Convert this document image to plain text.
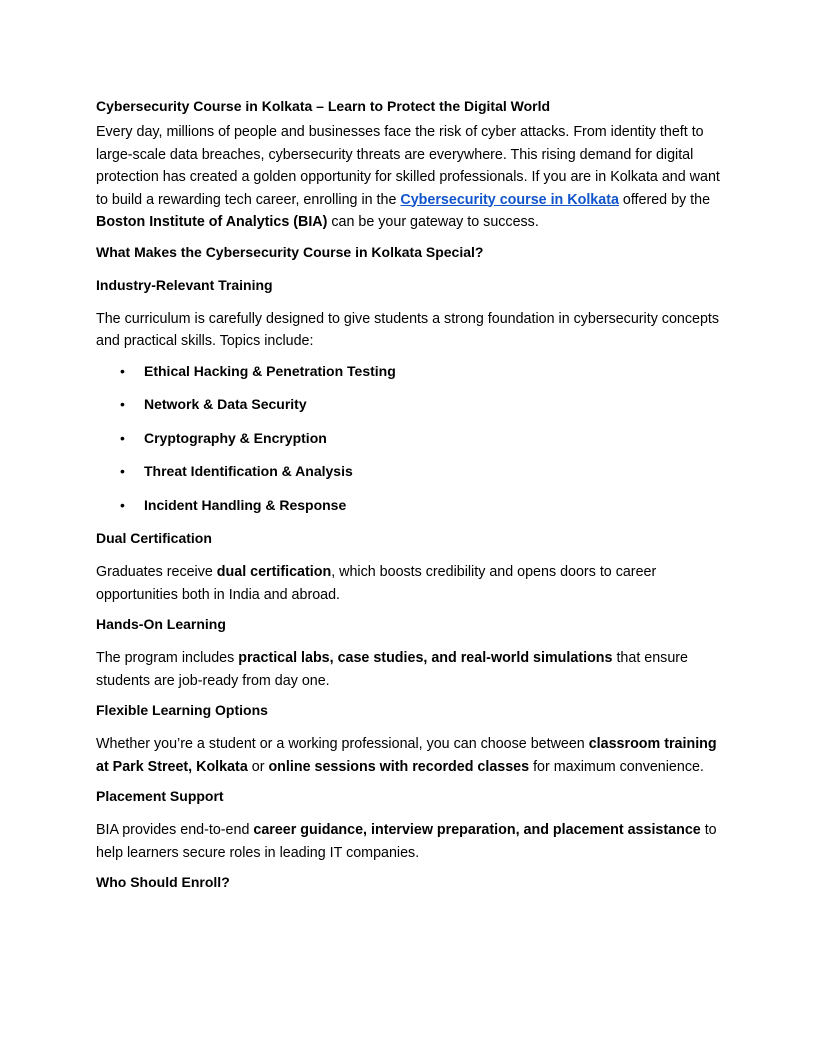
Cybersecurity Course in Kolkata – Learn to Protect the Digital World

Every day, millions of people and businesses face the risk of cyber attacks. From identity theft to large-scale data breaches, cybersecurity threats are everywhere. This rising demand for digital protection has created a golden opportunity for skilled professionals. If you are in Kolkata and want to build a rewarding tech career, enrolling in the Cybersecurity course in Kolkata offered by the Boston Institute of Analytics (BIA) can be your gateway to success.

What Makes the Cybersecurity Course in Kolkata Special?
Industry-Relevant Training

The curriculum is carefully designed to give students a strong foundation in cybersecurity concepts and practical skills. Topics include:

• Ethical Hacking & Penetration Testing
• Network & Data Security
• Cryptography & Encryption
• Threat Identification & Analysis
• Incident Handling & Response
Dual Certification

Graduates receive dual certification, which boosts credibility and opens doors to career opportunities both in India and abroad.

Hands-On Learning

The program includes practical labs, case studies, and real-world simulations that ensure students are job-ready from day one.

Flexible Learning Options

Whether you’re a student or a working professional, you can choose between classroom training at Park Street, Kolkata or online sessions with recorded classes for maximum convenience.

Placement Support

BIA provides end-to-end career guidance, interview preparation, and placement assistance to help learners secure roles in leading IT companies.

Who Should Enroll?
